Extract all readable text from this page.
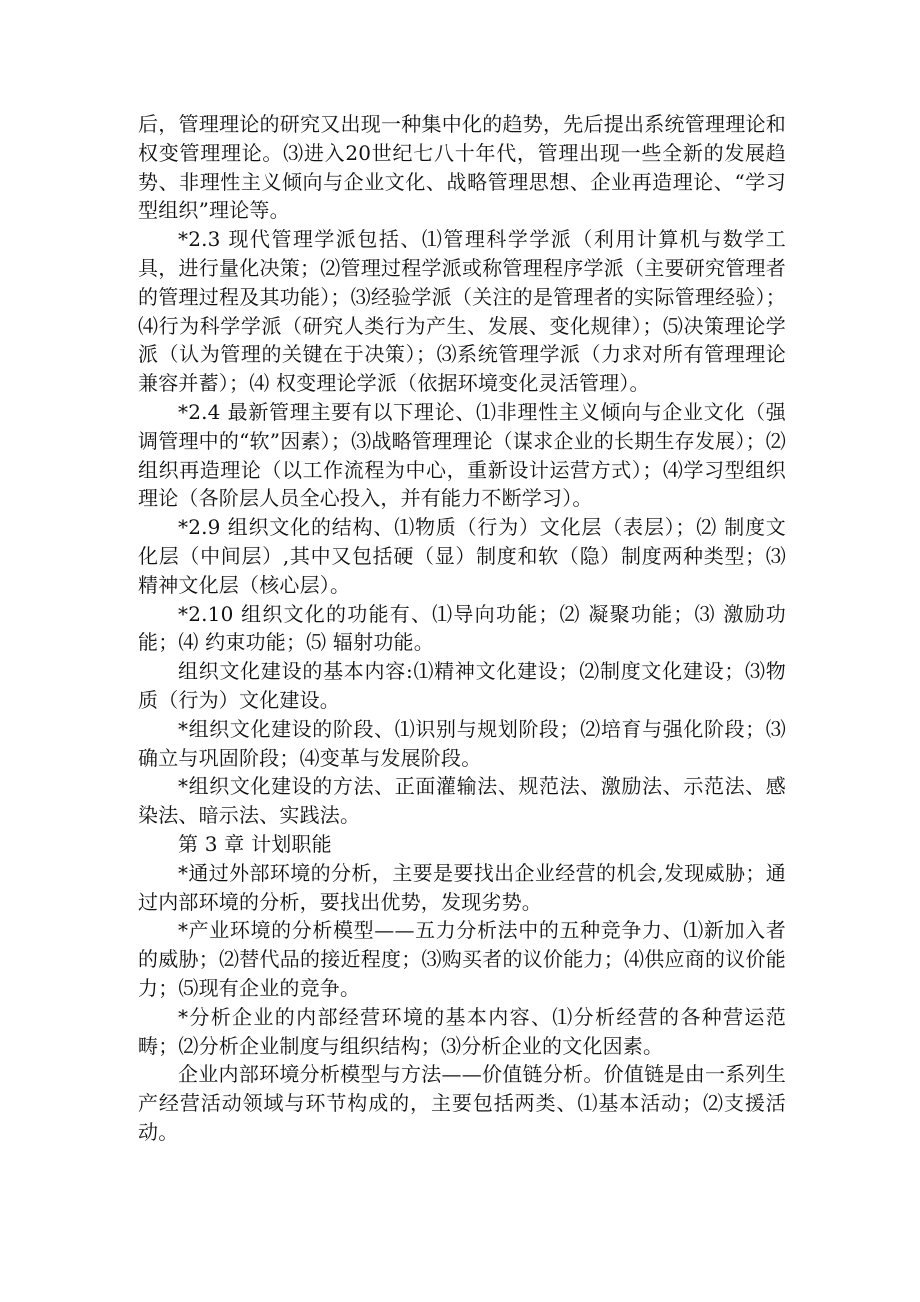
后，管理理论的研究又出现一种集中化的趋势，先后提出系统管理理论和权变管理理论。⑶进入20世纪七八十年代，管理出现一些全新的发展趋势、非理性主义倾向与企业文化、战略管理思想、企业再造理论、“学习型组织”理论等。

*2.3 现代管理学派包括、⑴管理科学学派（利用计算机与数学工具，进行量化决策；⑵管理过程学派或称管理程序学派（主要研究管理者的管理过程及其功能）；⑶经验学派（关注的是管理者的实际管理经验）；⑷行为科学学派（研究人类行为产生、发展、变化规律）；⑸决策理论学派（认为管理的关键在于决策）；⑶系统管理学派（力求对所有管理理论兼容并蓄）；⑷ 权变理论学派（依据环境变化灵活管理）。

*2.4 最新管理主要有以下理论、⑴非理性主义倾向与企业文化（强调管理中的“软”因素）；⑶战略管理理论（谋求企业的长期生存发展）；⑵组织再造理论（以工作流程为中心，重新设计运营方式）；⑷学习型组织理论（各阶层人员全心投入，并有能力不断学习）。

*2.9 组织文化的结构、⑴物质（行为）文化层（表层）；⑵ 制度文化层（中间层）,其中又包括硬（显）制度和软（隐）制度两种类型；⑶ 精神文化层（核心层）。

*2.10 组织文化的功能有、⑴导向功能；⑵ 凝聚功能；⑶ 激励功能；⑷ 约束功能；⑸ 辐射功能。

组织文化建设的基本内容:⑴精神文化建设；⑵制度文化建设；⑶物质（行为）文化建设。

*组织文化建设的阶段、⑴识别与规划阶段；⑵培育与强化阶段；⑶确立与巩固阶段；⑷变革与发展阶段。

*组织文化建设的方法、正面灌输法、规范法、激励法、示范法、感染法、暗示法、实践法。

第 3 章 计划职能

*通过外部环境的分析，主要是要找出企业经营的机会,发现威胁；通过内部环境的分析，要找出优势，发现劣势。

*产业环境的分析模型——五力分析法中的五种竞争力、⑴新加入者的威胁；⑵替代品的接近程度；⑶购买者的议价能力；⑷供应商的议价能力；⑸现有企业的竞争。

*分析企业的内部经营环境的基本内容、⑴分析经营的各种营运范畴；⑵分析企业制度与组织结构；⑶分析企业的文化因素。

企业内部环境分析模型与方法——价值链分析。价值链是由一系列生产经营活动领域与环节构成的，主要包括两类、⑴基本活动；⑵支援活动。
